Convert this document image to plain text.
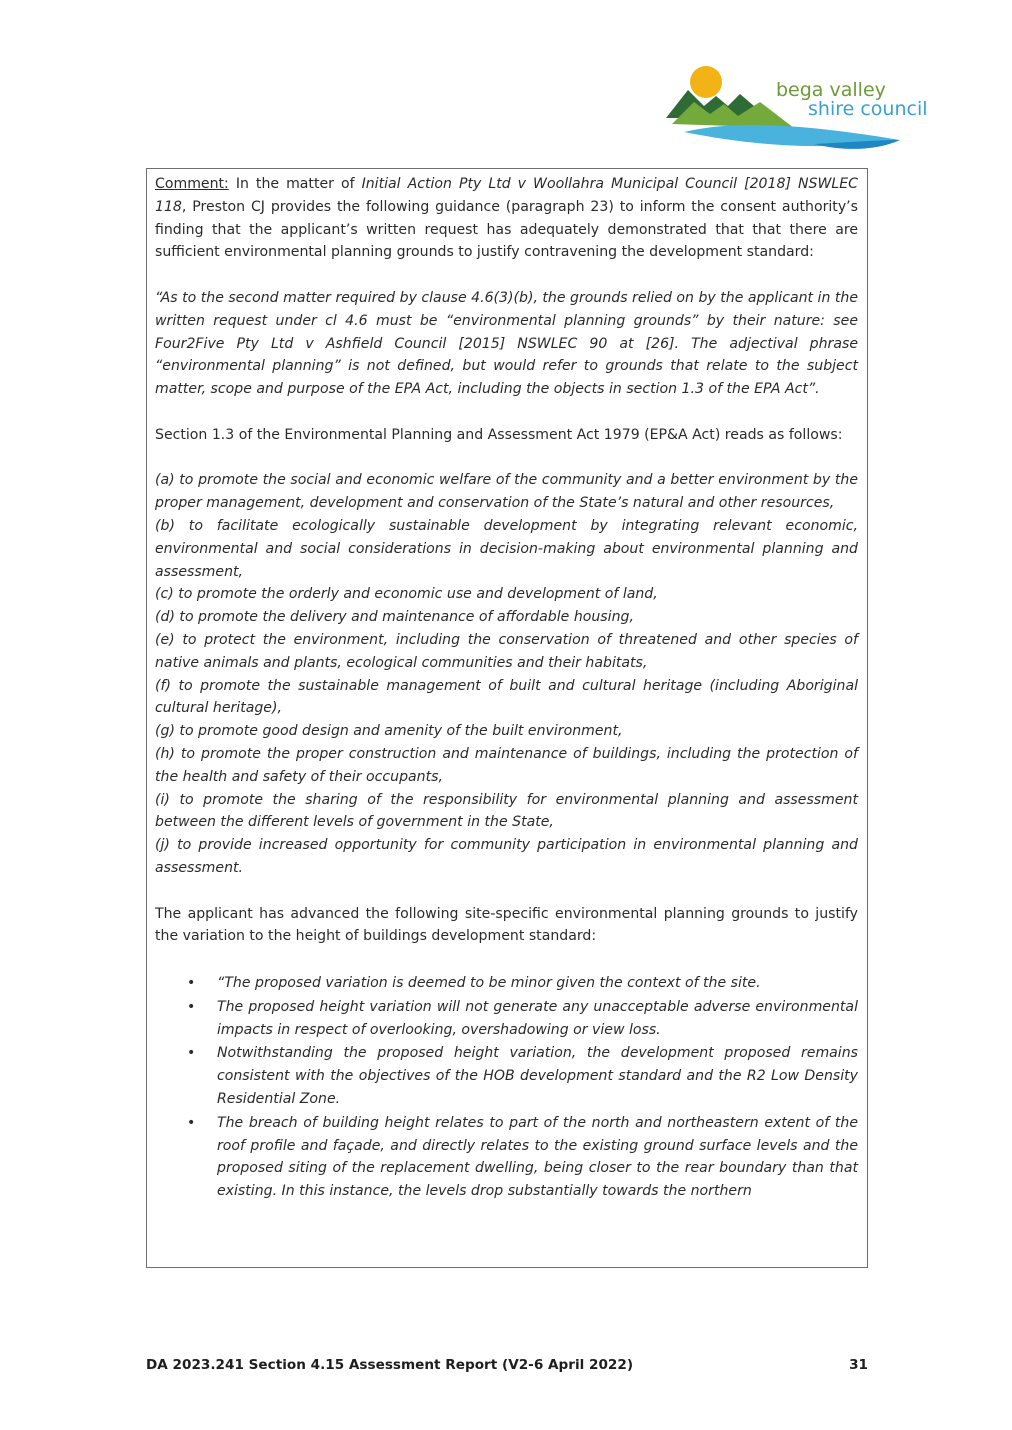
bega valley
shire council

Comment: In the matter of Initial Action Pty Ltd v Woollahra Municipal Council [2018] NSWLEC 118, Preston CJ provides the following guidance (paragraph 23) to inform the consent authority’s finding that the applicant’s written request has adequately demonstrated that that there are sufficient environmental planning grounds to justify contravening the development standard:

“As to the second matter required by clause 4.6(3)(b), the grounds relied on by the applicant in the written request under cl 4.6 must be “environmental planning grounds” by their nature: see Four2Five Pty Ltd v Ashfield Council [2015] NSWLEC 90 at [26]. The adjectival phrase “environmental planning” is not defined, but would refer to grounds that relate to the subject matter, scope and purpose of the EPA Act, including the objects in section 1.3 of the EPA Act”.

Section 1.3 of the Environmental Planning and Assessment Act 1979 (EP&A Act) reads as follows:

(a) to promote the social and economic welfare of the community and a better environment by the proper management, development and conservation of the State’s natural and other resources,

(b) to facilitate ecologically sustainable development by integrating relevant economic, environmental and social considerations in decision-making about environmental planning and assessment,

(c) to promote the orderly and economic use and development of land,

(d) to promote the delivery and maintenance of affordable housing,

(e) to protect the environment, including the conservation of threatened and other species of native animals and plants, ecological communities and their habitats,

(f) to promote the sustainable management of built and cultural heritage (including Aboriginal cultural heritage),

(g) to promote good design and amenity of the built environment,

(h) to promote the proper construction and maintenance of buildings, including the protection of the health and safety of their occupants,

(i) to promote the sharing of the responsibility for environmental planning and assessment between the different levels of government in the State,

(j) to provide increased opportunity for community participation in environmental planning and assessment.

The applicant has advanced the following site-specific environmental planning grounds to justify the variation to the height of buildings development standard:

• “The proposed variation is deemed to be minor given the context of the site.
• The proposed height variation will not generate any unacceptable adverse environmental impacts in respect of overlooking, overshadowing or view loss.
• Notwithstanding the proposed height variation, the development proposed remains consistent with the objectives of the HOB development standard and the R2 Low Density Residential Zone.
• The breach of building height relates to part of the north and northeastern extent of the roof profile and façade, and directly relates to the existing ground surface levels and the proposed siting of the replacement dwelling, being closer to the rear boundary than that existing. In this instance, the levels drop substantially towards the northern
DA 2023.241 Section 4.15 Assessment Report (V2-6 April 2022)	31
